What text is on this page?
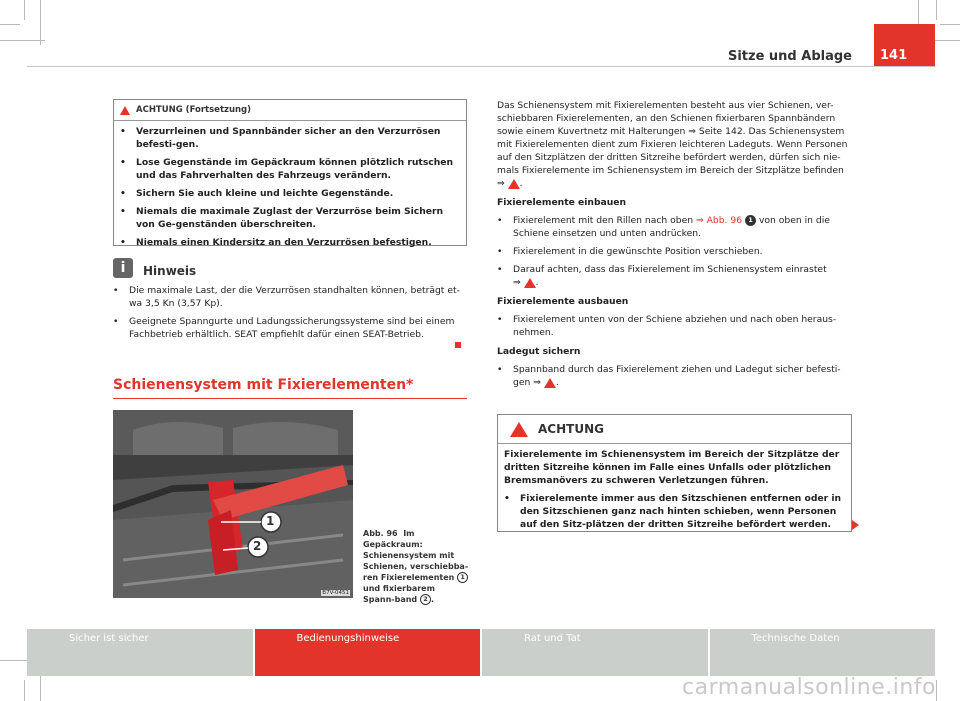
141
Sitze und Ablage
ACHTUNG (Fortsetzung)
•	Verzurrleinen und Spannbänder sicher an den Verzurrösen befesti-gen.
•	Lose Gegenstände im Gepäckraum können plötzlich rutschen und das Fahrverhalten des Fahrzeugs verändern.
•	Sichern Sie auch kleine und leichte Gegenstände.
•	Niemals die maximale Zuglast der Verzurröse beim Sichern von Ge-genständen überschreiten.
•	Niemals einen Kindersitz an den Verzurrösen befestigen.
i	Hinweis
•	Die maximale Last, der die Verzurrösen standhalten können, beträgt et-wa 3,5 Kn (3,57 Kp).
•	Geeignete Spanngurte und Ladungssicherungssysteme sind bei einem Fachbetrieb erhältlich. SEAT empfiehlt dafür einen SEAT-Betrieb.
Schienensystem mit Fixierelementen*
1
2
B7V-0451
Abb. 96 Im Gepäckraum: Schienensystem mit Schienen, verschiebba-ren Fixierelementen 1 und fixierbarem Spann-band 2 .

Das Schienensystem mit Fixierelementen besteht aus vier Schienen, ver-schiebbaren Fixierelementen, an den Schienen fixierbaren Spannbändern sowie einem Kuvertnetz mit Halterungen ⇒ Seite 142. Das Schienensystem mit Fixierelementen dient zum Fixieren leichteren Ladeguts. Wenn Personen auf den Sitzplätzen der dritten Sitzreihe befördert werden, dürfen sich nie-mals Fixierelemente im Schienensystem im Bereich der Sitzplätze befinden
⇒ .

Fixierelemente einbauen
•	Fixierelement mit den Rillen nach oben ⇒ Abb. 96 1 von oben in die Schiene einsetzen und unten andrücken.
•	Fixierelement in die gewünschte Position verschieben.
•	Darauf achten, dass das Fixierelement im Schienensystem einrastet
⇒ .
Fixierelemente ausbauen
•	Fixierelement unten von der Schiene abziehen und nach oben heraus-nehmen.
Ladegut sichern
•	Spannband durch das Fixierelement ziehen und Ladegut sicher befesti-gen ⇒ .
ACHTUNG
Fixierelemente im Schienensystem im Bereich der Sitzplätze der dritten Sitzreihe können im Falle eines Unfalls oder plötzlichen Bremsmanövers zu schweren Verletzungen führen.
•	Fixierelemente immer aus den Sitzschienen entfernen oder in den Sitzschienen ganz nach hinten schieben, wenn Personen auf den Sitz-plätzen der dritten Sitzreihe befördert werden.
Sicher ist sicher	Bedienungshinweise	Rat und Tat	Technische Daten
carmanualsonline.info
